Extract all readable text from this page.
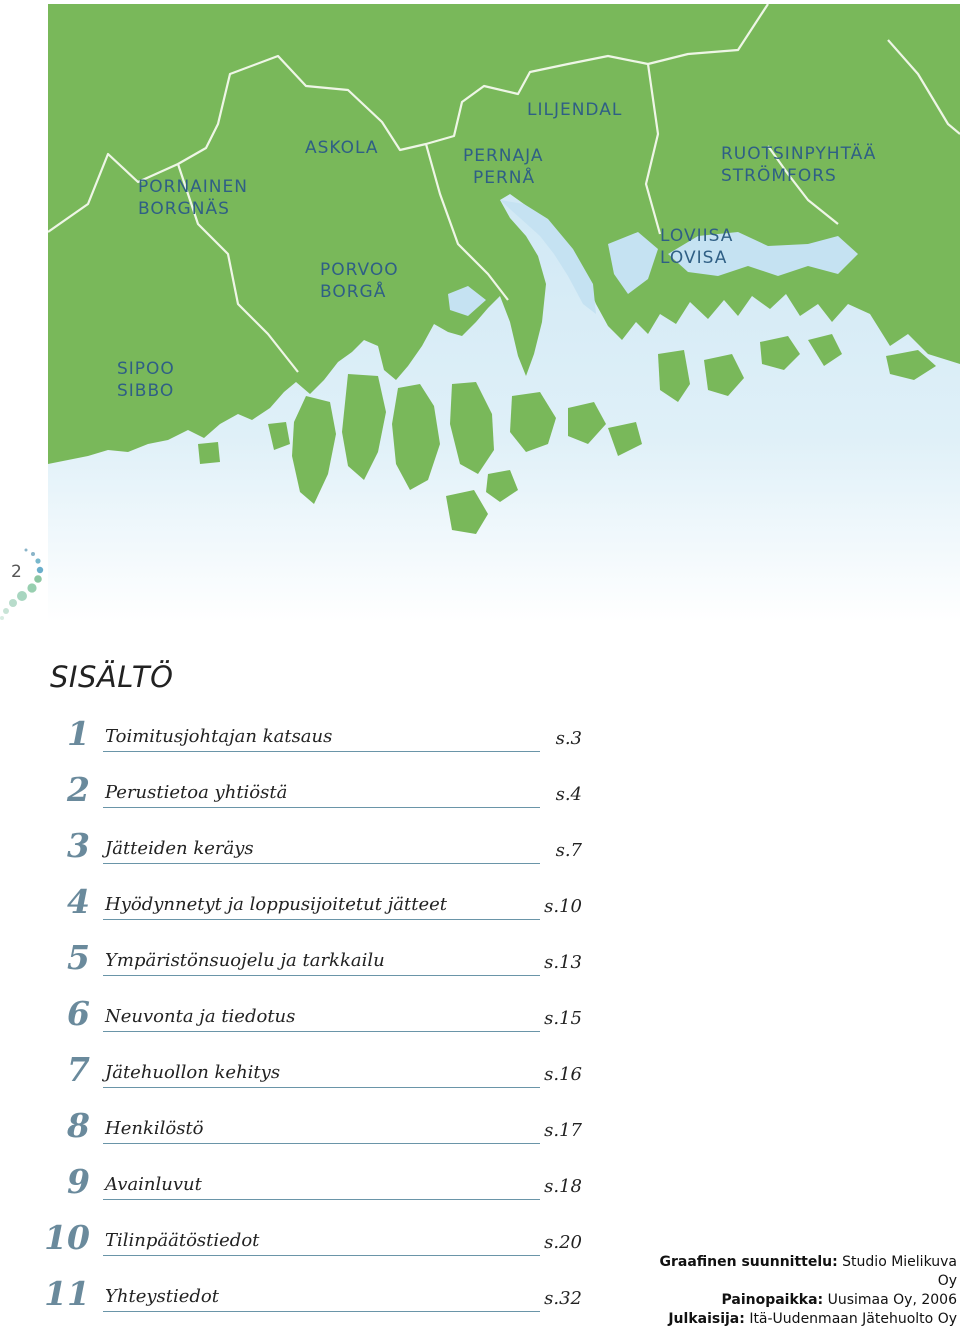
PORNAINEN
BORGNÄS
ASKOLA
LILJENDAL
PERNAJA
PERNÅ
RUOTSINPYHTÄÄ
STRÖMFORS
LOVIISA
LOVISA
PORVOO
BORGÅ
SIPOO
SIBBO
2
SISÄLTÖ
1 Toimitusjohtajan katsaus	s.3
2 Perustietoa yhtiöstä	s.4
3 Jätteiden keräys	s.7
4 Hyödynnetyt ja loppusijoitetut jätteet	s.10
5 Ympäristönsuojelu ja tarkkailu	s.13
6 Neuvonta ja tiedotus	s.15
7 Jätehuollon kehitys	s.16
8 Henkilöstö	s.17
9 Avainluvut	s.18
10 Tilinpäätöstiedot	s.20
11 Yhteystiedot	s.32
Graafinen suunnittelu: Studio Mielikuva Oy
Painopaikka: Uusimaa Oy, 2006
Julkaisija: Itä-Uudenmaan Jätehuolto Oy
